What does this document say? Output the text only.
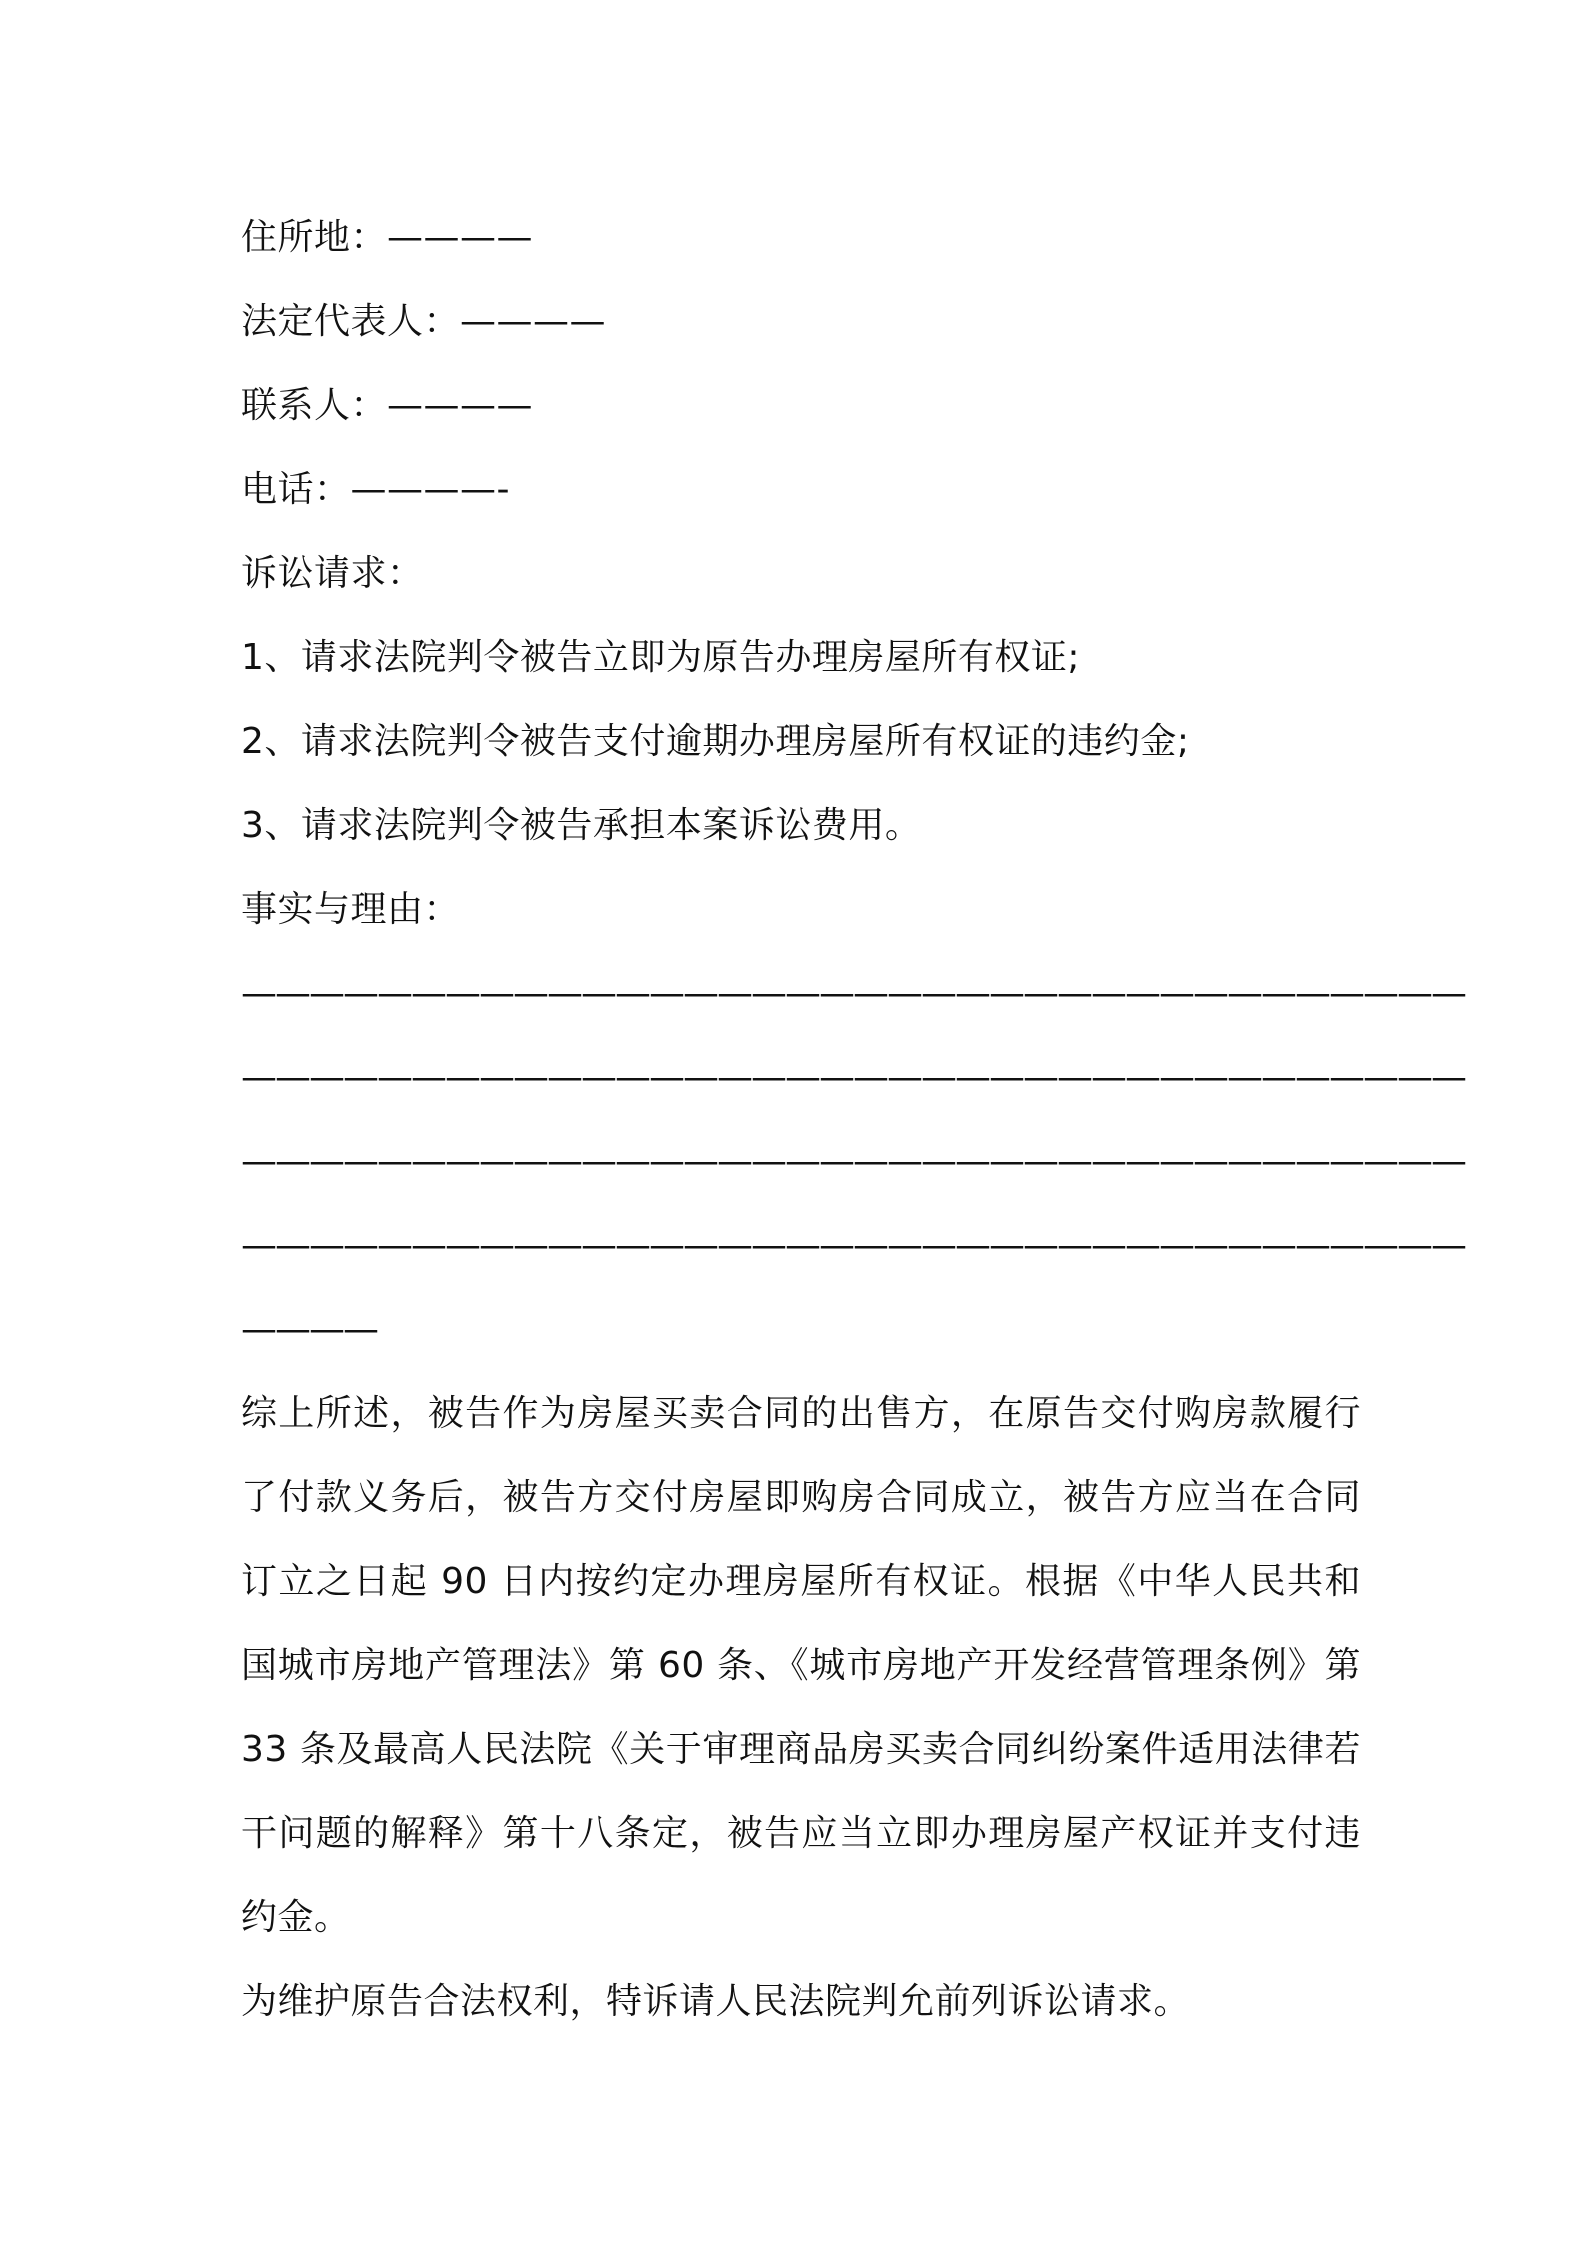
住所地：————
法定代表人：————
联系人：————
电话：————-
诉讼请求：
1、请求法院判令被告立即为原告办理房屋所有权证;
2、请求法院判令被告支付逾期办理房屋所有权证的违约金;
3、请求法院判令被告承担本案诉讼费用。
事实与理由：
————————————————————————————————————
————————————————————————————————————
————————————————————————————————————
————————————————————————————————————
————
综上所述，被告作为房屋买卖合同的出售方，在原告交付购房款履行了付款义务后，被告方交付房屋即购房合同成立，被告方应当在合同订立之日起 90 日内按约定办理房屋所有权证。根据《中华人民共和国城市房地产管理法》第 60 条、《城市房地产开发经营管理条例》第 33 条及最高人民法院《关于审理商品房买卖合同纠纷案件适用法律若干问题的解释》第十八条定，被告应当立即办理房屋产权证并支付违约金。
为维护原告合法权利，特诉请人民法院判允前列诉讼请求。
